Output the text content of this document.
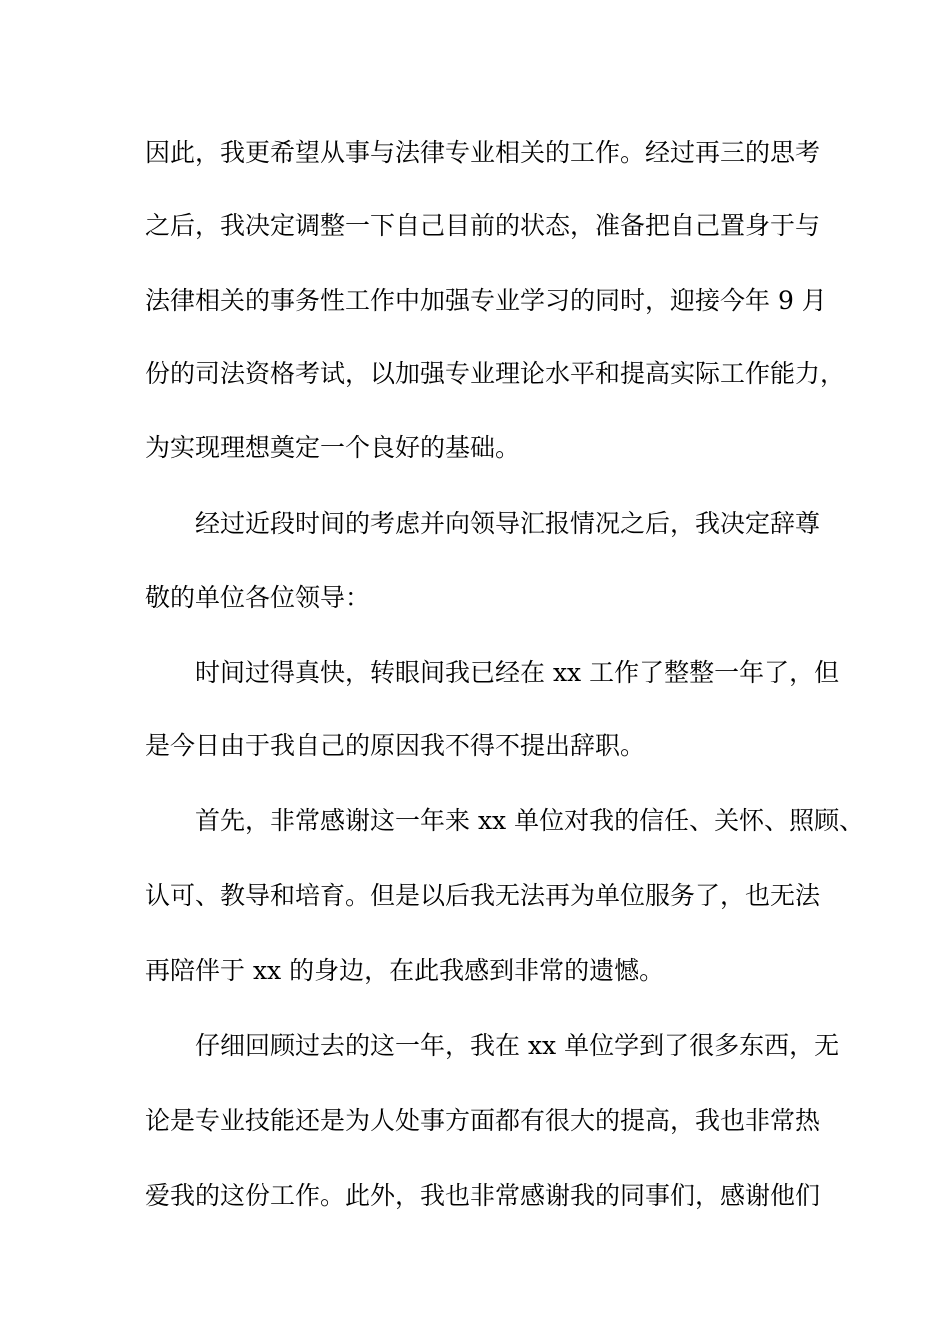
因此，我更希望从事与法律专业相关的工作。经过再三的思考

之后，我决定调整一下自己目前的状态，准备把自己置身于与

法律相关的事务性工作中加强专业学习的同时，迎接今年 9 月

份的司法资格考试，以加强专业理论水平和提高实际工作能力，

为实现理想奠定一个良好的基础。

经过近段时间的考虑并向领导汇报情况之后，我决定辞尊

敬的单位各位领导：

时间过得真快，转眼间我已经在 xx 工作了整整一年了，但

是今日由于我自己的原因我不得不提出辞职。

首先，非常感谢这一年来 xx 单位对我的信任、关怀、照顾、

认可、教导和培育。但是以后我无法再为单位服务了，也无法

再陪伴于 xx 的身边，在此我感到非常的遗憾。

仔细回顾过去的这一年，我在 xx 单位学到了很多东西，无

论是专业技能还是为人处事方面都有很大的提高，我也非常热

爱我的这份工作。此外，我也非常感谢我的同事们，感谢他们
